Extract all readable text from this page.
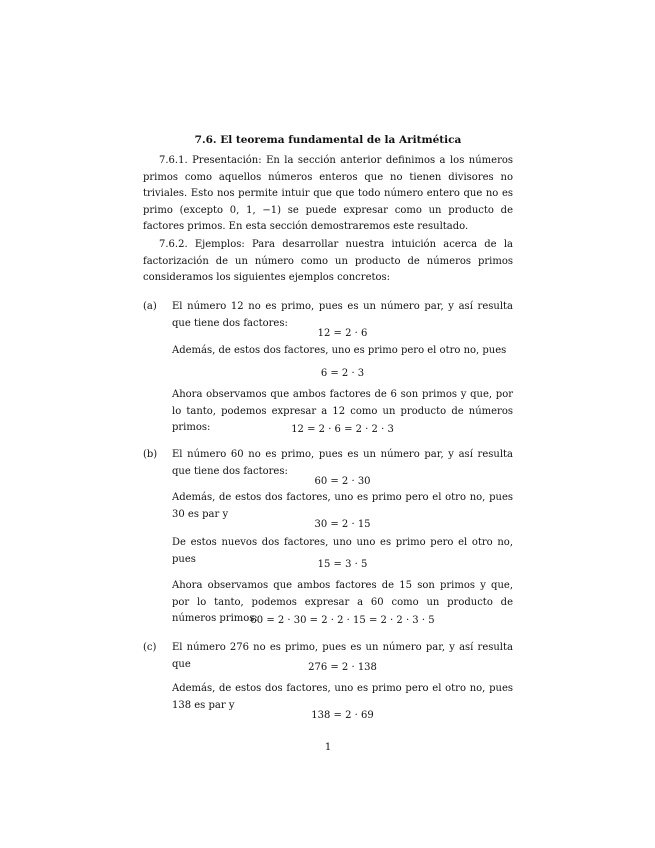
7.6. El teorema fundamental de la Aritmética

7.6.1. Presentación: En la sección anterior definimos a los números primos como aquellos números enteros que no tienen divisores no triviales. Esto nos permite intuir que que todo número entero que no es primo (excepto 0, 1, −1) se puede expresar como un producto de factores primos. En esta sección demostraremos este resultado.

7.6.2. Ejemplos: Para desarrollar nuestra intuición acerca de la factorización de un número como un producto de números primos consideramos los siguientes ejemplos concretos:

(a)	El número 12 no es primo, pues es un número par, y así resulta que tiene dos factores:
12 = 2 · 6

Además, de estos dos factores, uno es primo pero el otro no, pues

6 = 2 · 3

Ahora observamos que ambos factores de 6 son primos y que, por lo tanto, podemos expresar a 12 como un producto de números primos:	12 = 2 · 6 = 2 · 2 · 3
(b)	El número 60 no es primo, pues es un número par, y así resulta que tiene dos factores:
60 = 2 · 30

Además, de estos dos factores, uno es primo pero el otro no, pues 30 es par y

30 = 2 · 15

De estos nuevos dos factores, uno uno es primo pero el otro no, pues	15 = 3 · 5

Ahora observamos que ambos factores de 15 son primos y que, por lo tanto, podemos expresar a 60 como un producto de números primos:

60 = 2 · 30 = 2 · 2 · 15 = 2 · 2 · 3 · 5
(c)	El número 276 no es primo, pues es un número par, y así resulta que	276 = 2 · 138

Además, de estos dos factores, uno es primo pero el otro no, pues 138 es par y

138 = 2 · 69
1
